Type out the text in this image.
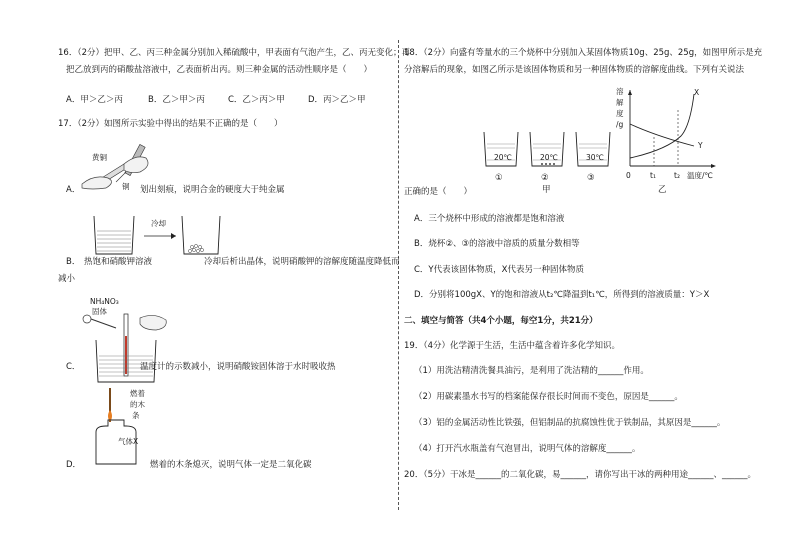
16．（2分）把甲、乙、丙三种金属分别加入稀硫酸中，甲表面有气泡产生，乙、丙无变化；再
把乙放到丙的硝酸盐溶液中，乙表面析出丙。则三种金属的活动性顺序是（　　）
A．甲＞乙＞丙	B．乙＞甲＞丙	C．乙＞丙＞甲	D．丙＞乙＞甲
17．（2分）如图所示实验中得出的结果不正确的是（　　）
黄铜
铜
A．	划出刻痕，说明合金的硬度大于纯金属
冷却
B． 热饱和硝酸钾溶液	冷却后析出晶体，说明硝酸钾的溶解度随温度降低而
减小
NH₄NO₃
固体
C．	温度计的示数减小，说明硝酸铵固体溶于水时吸收热
燃着
的木
条
气体X
D．	燃着的木条熄灭，说明气体一定是二氧化碳
18．（2分）向盛有等量水的三个烧杯中分别加入某固体物质10g、25g、25g，如图甲所示是充
分溶解后的现象，如图乙所示是该固体物质和另一种固体物质的溶解度曲线。下列有关说法
20℃	20℃	30℃
①	②	③
甲
溶
解
度
/g
X
Y
0	t₁ t₂ 温度/℃
乙
正确的是（　　）
A．三个烧杯中形成的溶液都是饱和溶液
B．烧杯②、③的溶液中溶质的质量分数相等
C．Y代表该固体物质，X代表另一种固体物质
D．分别将100gX、Y的饱和溶液从t₂℃降温到t₁℃，所得到的溶液质量：Y＞X
二、填空与简答（共4个小题，每空1分，共21分）
19．（4分）化学源于生活，生活中蕴含着许多化学知识。
（1）用洗洁精清洗餐具油污，是利用了洗洁精的______作用。
（2）用碳素墨水书写的档案能保存很长时间而不变色，原因是______。
（3）铝的金属活动性比铁强，但铝制品的抗腐蚀性优于铁制品，其原因是______。
（4）打开汽水瓶盖有气泡冒出，说明气体的溶解度______。
20．（5分）干冰是______的二氧化碳，易______，请你写出干冰的两种用途______、______。
